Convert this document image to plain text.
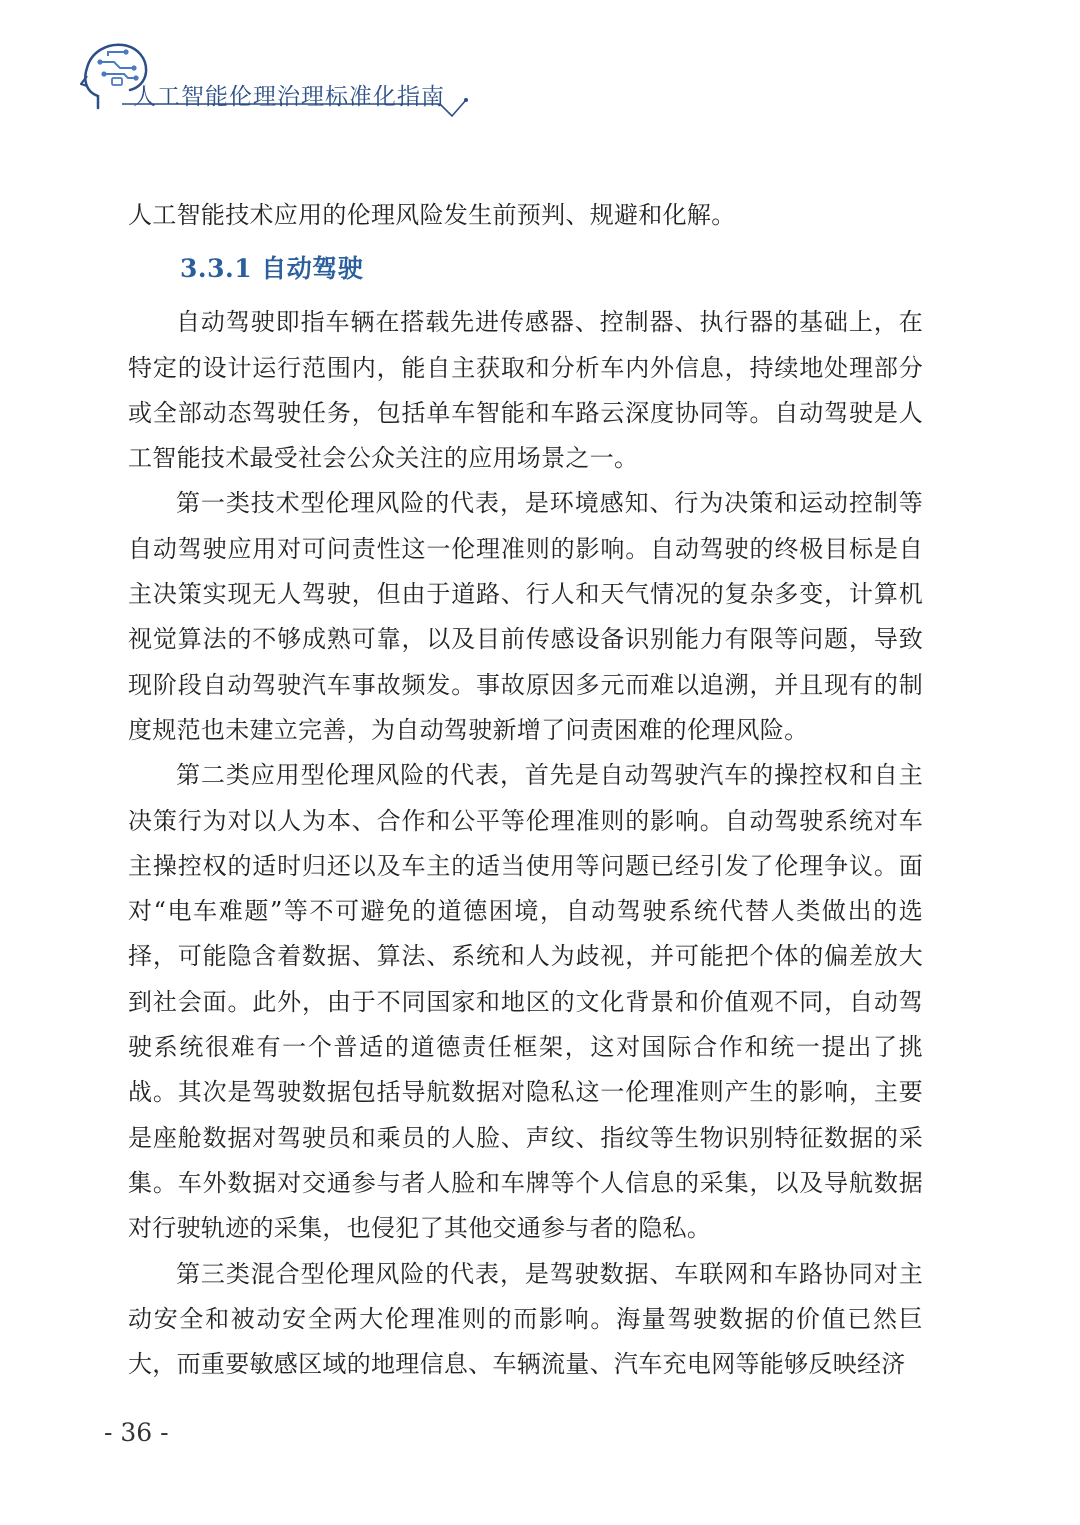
人工智能伦理治理标准化指南

人工智能技术应用的伦理风险发生前预判、规避和化解。

3.3.1 自动驾驶

自动驾驶即指车辆在搭载先进传感器、控制器、执行器的基础上，在特定的设计运行范围内，能自主获取和分析车内外信息，持续地处理部分或全部动态驾驶任务，包括单车智能和车路云深度协同等。自动驾驶是人工智能技术最受社会公众关注的应用场景之一。

第一类技术型伦理风险的代表，是环境感知、行为决策和运动控制等自动驾驶应用对可问责性这一伦理准则的影响。自动驾驶的终极目标是自主决策实现无人驾驶，但由于道路、行人和天气情况的复杂多变，计算机视觉算法的不够成熟可靠，以及目前传感设备识别能力有限等问题，导致现阶段自动驾驶汽车事故频发。事故原因多元而难以追溯，并且现有的制度规范也未建立完善，为自动驾驶新增了问责困难的伦理风险。

第二类应用型伦理风险的代表，首先是自动驾驶汽车的操控权和自主决策行为对以人为本、合作和公平等伦理准则的影响。自动驾驶系统对车主操控权的适时归还以及车主的适当使用等问题已经引发了伦理争议。面对“电车难题”等不可避免的道德困境，自动驾驶系统代替人类做出的选择，可能隐含着数据、算法、系统和人为歧视，并可能把个体的偏差放大到社会面。此外，由于不同国家和地区的文化背景和价值观不同，自动驾驶系统很难有一个普适的道德责任框架，这对国际合作和统一提出了挑战。其次是驾驶数据包括导航数据对隐私这一伦理准则产生的影响，主要是座舱数据对驾驶员和乘员的人脸、声纹、指纹等生物识别特征数据的采集。车外数据对交通参与者人脸和车牌等个人信息的采集，以及导航数据对行驶轨迹的采集，也侵犯了其他交通参与者的隐私。

第三类混合型伦理风险的代表，是驾驶数据、车联网和车路协同对主动安全和被动安全两大伦理准则的而影响。海量驾驶数据的价值已然巨大，而重要敏感区域的地理信息、车辆流量、汽车充电网等能够反映经济

- 36 -
